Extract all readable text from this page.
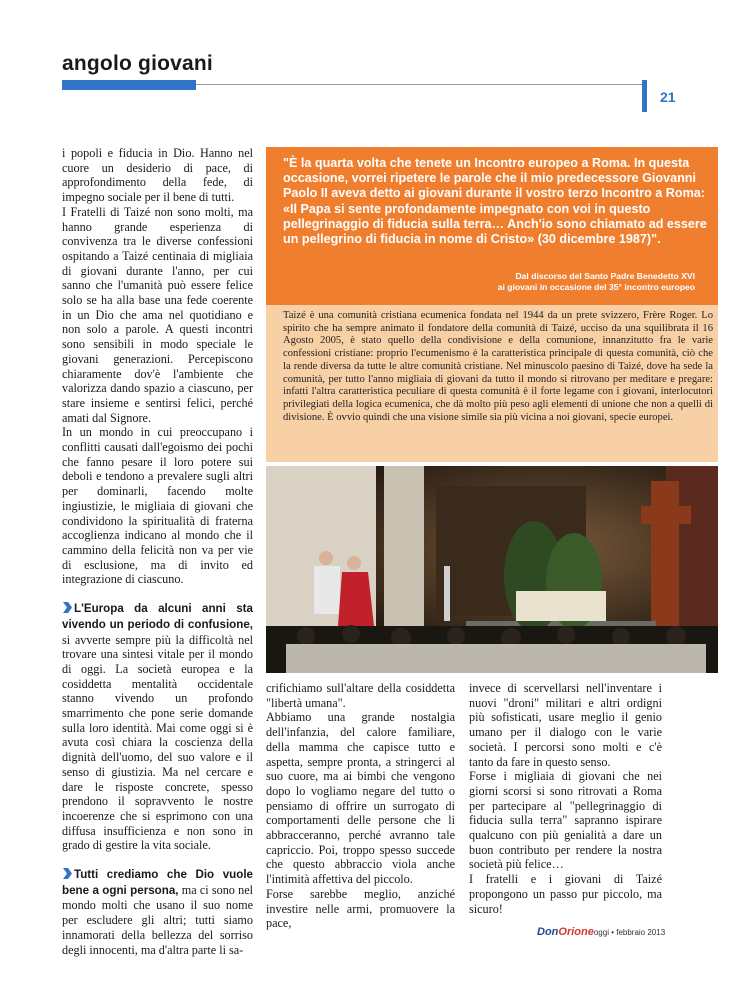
angolo giovani
21

i popoli e fiducia in Dio. Hanno nel cuore un desiderio di pace, di approfondimento della fede, di impegno sociale per il bene di tutti.

I Fratelli di Taizé non sono molti, ma hanno grande esperienza di convivenza tra le diverse confessioni ospitando a Taizé centinaia di migliaia di giovani durante l'anno, per cui sanno che l'umanità può essere felice solo se ha alla base una fede coerente in un Dio che ama nel quotidiano e non solo a parole. A questi incontri sono sensibili in modo speciale le giovani generazioni. Percepiscono chiaramente dov'è l'ambiente che valorizza dando spazio a ciascuno, per stare insieme e sentirsi felici, perché amati dal Signore.

In un mondo in cui preoccupano i conflitti causati dall'egoismo dei pochi che fanno pesare il loro potere sui deboli e tendono a prevalere sugli altri per dominarli, facendo molte ingiustizie, le migliaia di giovani che condividono la spiritualità di fraterna accoglienza indicano al mondo che il cammino della felicità non va per vie di esclusione, ma di invito ed integrazione di ciascuno.

L'Europa da alcuni anni sta vivendo un periodo di confusione, si avverte sempre più la difficoltà nel trovare una sintesi vitale per il mondo di oggi. La società europea e la cosiddetta mentalità occidentale stanno vivendo un profondo smarrimento che pone serie domande sulla loro identità. Mai come oggi si è avuta così chiara la coscienza della dignità dell'uomo, del suo valore e il senso di giustizia. Ma nel cercare e dare le risposte concrete, spesso prendono il sopravvento le nostre incoerenze che si esprimono con una diffusa insufficienza e non sono in grado di gestire la vita sociale.

Tutti crediamo che Dio vuole bene a ogni persona, ma ci sono nel mondo molti che usano il suo nome per escludere gli altri; tutti siamo innamorati della bellezza del sorriso degli innocenti, ma d'altra parte li sa-

"È la quarta volta che tenete un Incontro europeo a Roma. In questa occasione, vorrei ripetere le parole che il mio predecessore Giovanni Paolo II aveva detto ai giovani durante il vostro terzo Incontro a Roma: «Il Papa si sente profondamente impegnato con voi in questo pellegrinaggio di fiducia sulla terra… Anch'io sono chiamato ad essere un pellegrino di fiducia in nome di Cristo» (30 dicembre 1987)".
Dal discorso del Santo Padre Benedetto XVI
ai giovani in occasione del 35° incontro europeo
Taizé è una comunità cristiana ecumenica fondata nel 1944 da un prete svizzero, Frère Roger. Lo spirito che ha sempre animato il fondatore della comunità di Taizé, ucciso da una squilibrata il 16 Agosto 2005, è stato quello della condivisione e della comunione, innanzitutto fra le varie confessioni cristiane: proprio l'ecumenismo è la caratteristica principale di questa comunità, ciò che la rende diversa da tutte le altre comunità cristiane. Nel minuscolo paesino di Taizé, dove ha sede la comunità, per tutto l'anno migliaia di giovani da tutto il mondo si ritrovano per meditare e pregare: infatti l'altra caratteristica peculiare di questa comunità è il forte legame con i giovani, interlocutori privilegiati della logica ecumenica, che dà molto più peso agli elementi di unione che non a quelli di divisione. È ovvio quindi che una visione simile sia più vicina a noi giovani, specie europei.

crifichiamo sull'altare della cosiddetta "libertà umana".

Abbiamo una grande nostalgia dell'infanzia, del calore familiare, della mamma che capisce tutto e aspetta, sempre pronta, a stringerci al suo cuore, ma ai bimbi che vengono dopo lo vogliamo negare del tutto o pensiamo di offrire un surrogato di comportamenti delle persone che li abbracceranno, perché avranno tale capriccio. Poi, troppo spesso succede che questo abbraccio viola anche l'intimità affettiva del piccolo.

Forse sarebbe meglio, anziché investire nelle armi, promuovere la pace,

invece di scervellarsi nell'inventare i nuovi "droni" militari e altri ordigni più sofisticati, usare meglio il genio umano per il dialogo con le varie società. I percorsi sono molti e c'è tanto da fare in questo senso.

Forse i migliaia di giovani che nei giorni scorsi si sono ritrovati a Roma per partecipare al "pellegrinaggio di fiducia sulla terra" sapranno ispirare qualcuno con più genialità a dare un buon contributo per rendere la nostra società più felice…

I fratelli e i giovani di Taizé propongono un passo pur piccolo, ma sicuro!

DonOrioneoggi • febbraio 2013
